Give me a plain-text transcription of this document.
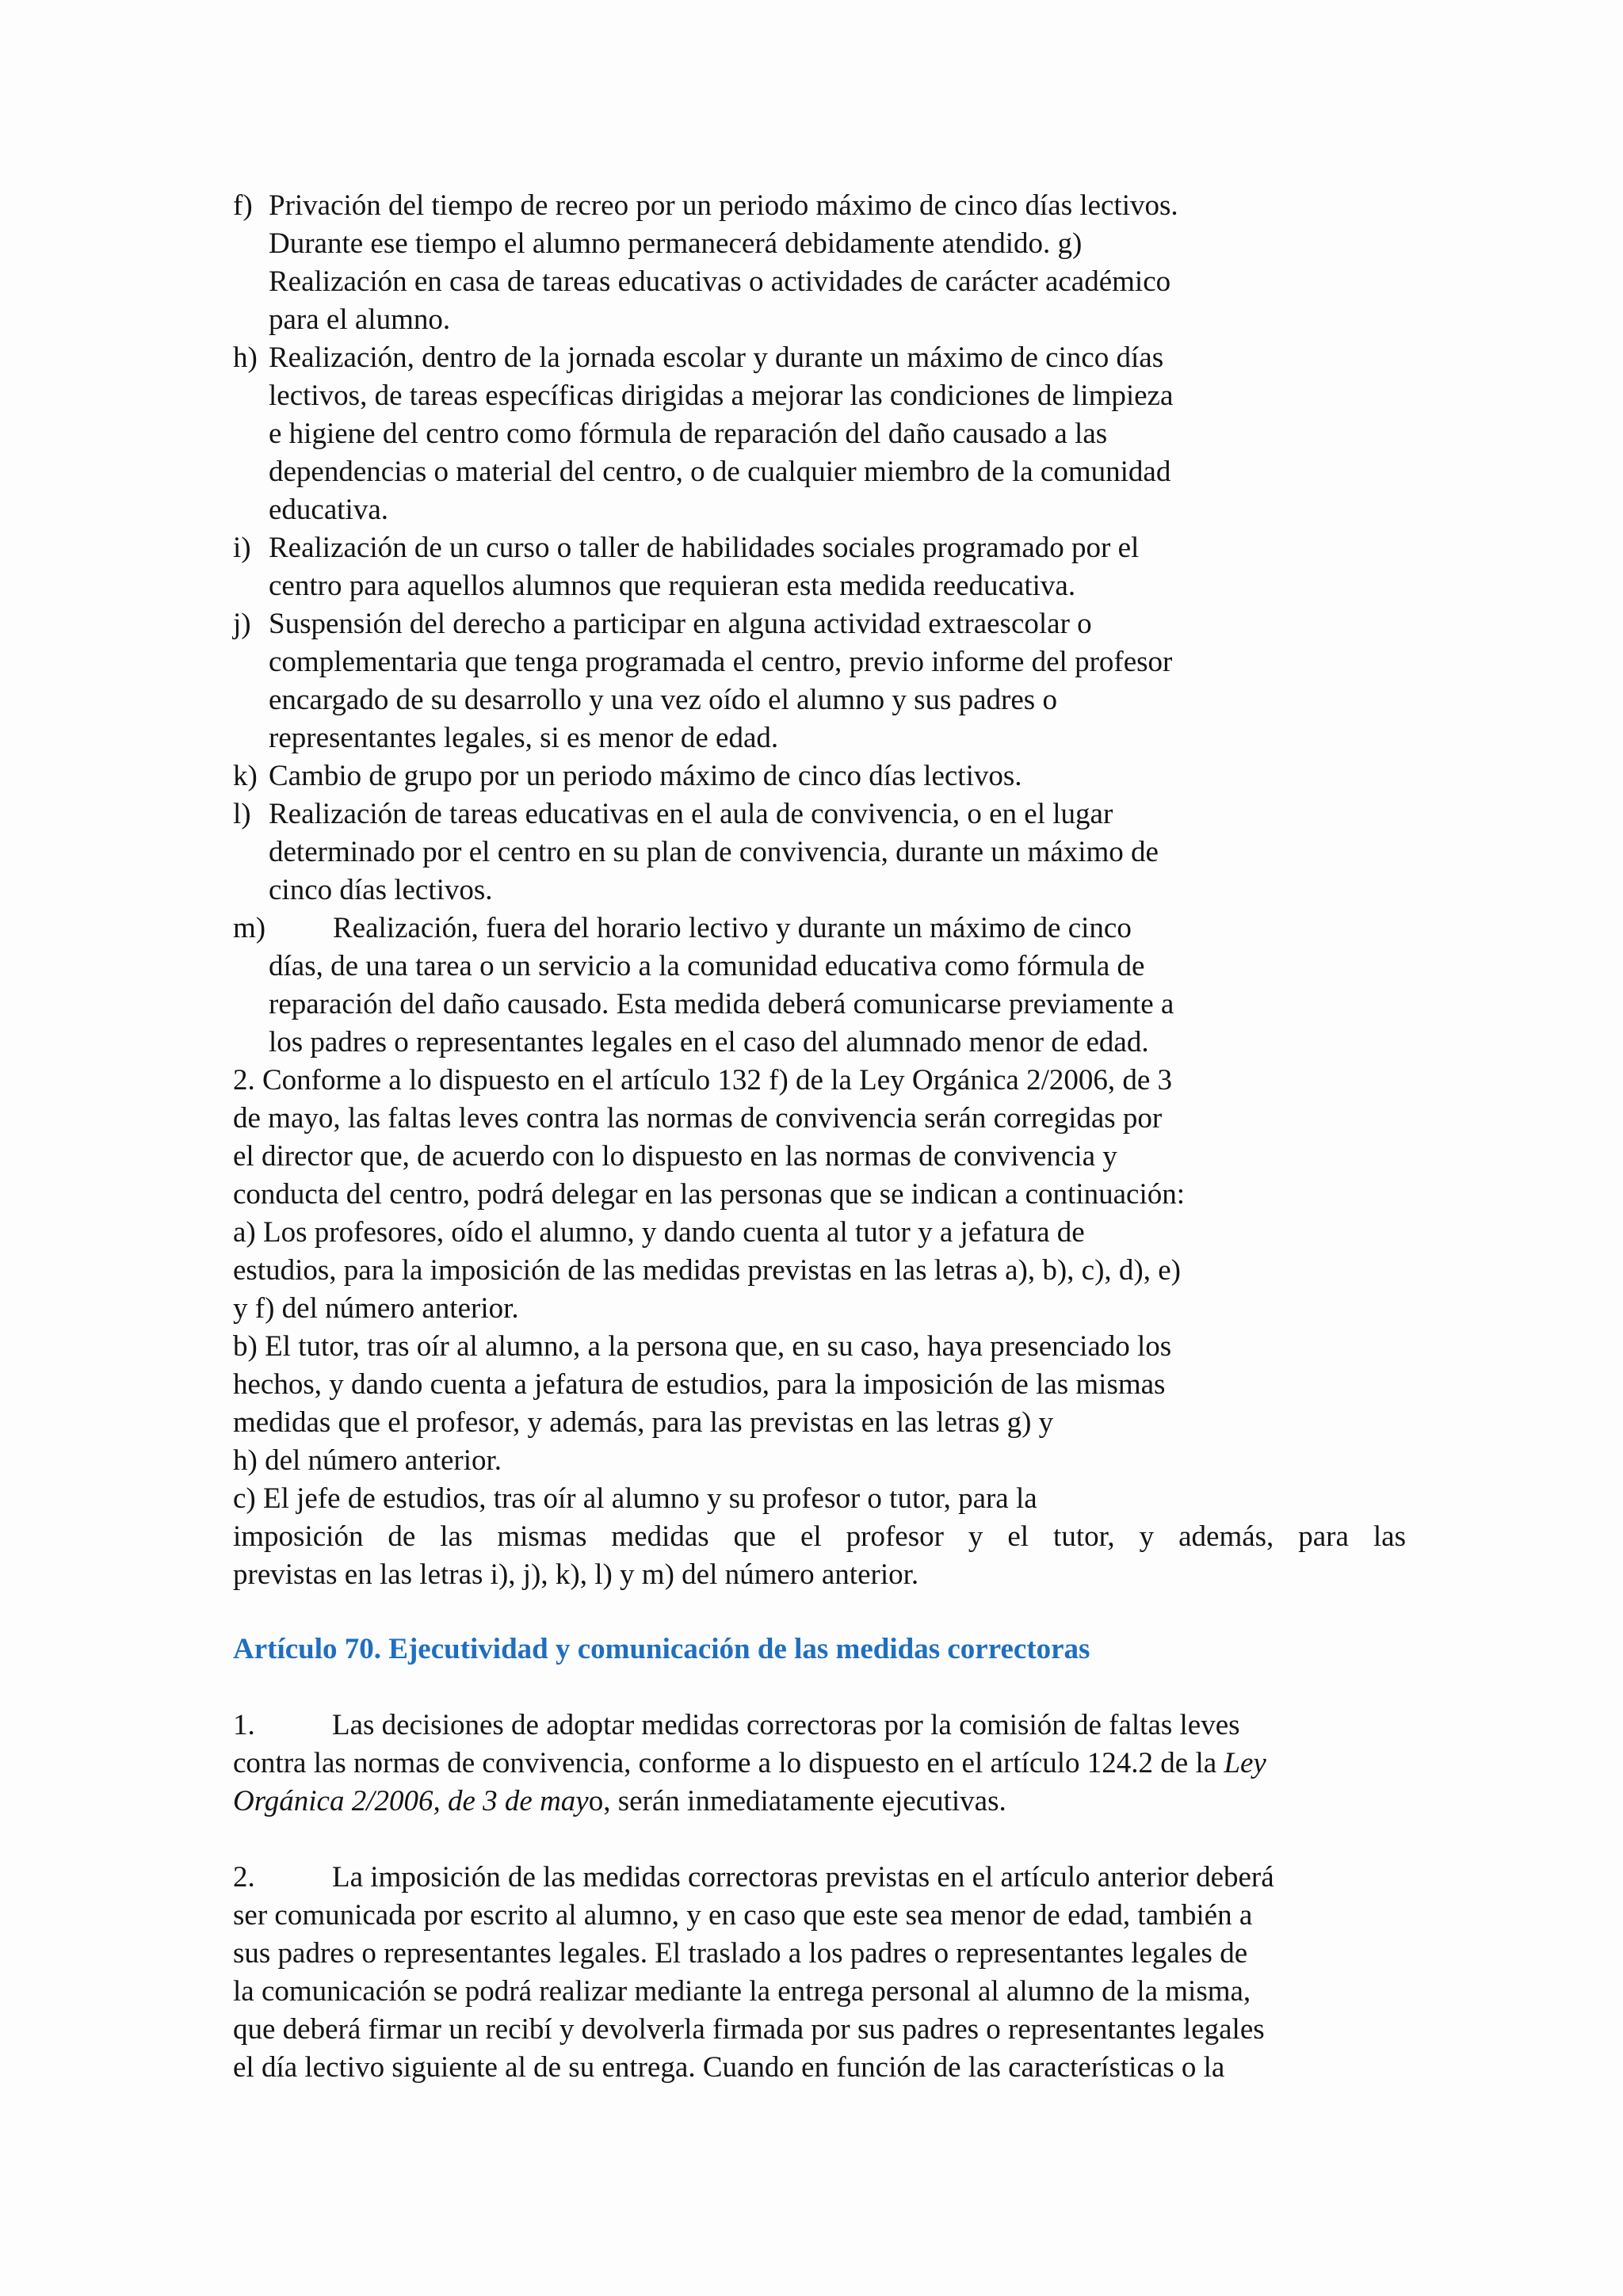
f) Privación del tiempo de recreo por un periodo máximo de cinco días lectivos.
Durante ese tiempo el alumno permanecerá debidamente atendido. g)
Realización en casa de tareas educativas o actividades de carácter académico
para el alumno.
h) Realización, dentro de la jornada escolar y durante un máximo de cinco días
lectivos, de tareas específicas dirigidas a mejorar las condiciones de limpieza
e higiene del centro como fórmula de reparación del daño causado a las
dependencias o material del centro, o de cualquier miembro de la comunidad
educativa.
i) Realización de un curso o taller de habilidades sociales programado por el
centro para aquellos alumnos que requieran esta medida reeducativa.
j) Suspensión del derecho a participar en alguna actividad extraescolar o
complementaria que tenga programada el centro, previo informe del profesor
encargado de su desarrollo y una vez oído el alumno y sus padres o
representantes legales, si es menor de edad.
k) Cambio de grupo por un periodo máximo de cinco días lectivos.
l) Realización de tareas educativas en el aula de convivencia, o en el lugar
determinado por el centro en su plan de convivencia, durante un máximo de
cinco días lectivos.
m)	Realización, fuera del horario lectivo y durante un máximo de cinco
días, de una tarea o un servicio a la comunidad educativa como fórmula de
reparación del daño causado. Esta medida deberá comunicarse previamente a
los padres o representantes legales en el caso del alumnado menor de edad.
2. Conforme a lo dispuesto en el artículo 132 f) de la Ley Orgánica 2/2006, de 3
de mayo, las faltas leves contra las normas de convivencia serán corregidas por
el director que, de acuerdo con lo dispuesto en las normas de convivencia y
conducta del centro, podrá delegar en las personas que se indican a continuación:
a) Los profesores, oído el alumno, y dando cuenta al tutor y a jefatura de
estudios, para la imposición de las medidas previstas en las letras a), b), c), d), e)
y f) del número anterior.
b) El tutor, tras oír al alumno, a la persona que, en su caso, haya presenciado los
hechos, y dando cuenta a jefatura de estudios, para la imposición de las mismas
medidas que el profesor, y además, para las previstas en las letras g) y
h) del número anterior.
c) El jefe de estudios, tras oír al alumno y su profesor o tutor, para la
imposición de las mismas medidas que el profesor y el tutor, y además, para las
previstas en las letras i), j), k), l) y m) del número anterior.
Artículo 70. Ejecutividad y comunicación de las medidas correctoras
1.	Las decisiones de adoptar medidas correctoras por la comisión de faltas leves
contra las normas de convivencia, conforme a lo dispuesto en el artículo 124.2 de la Ley
Orgánica 2/2006, de 3 de mayo, serán inmediatamente ejecutivas.
2.	La imposición de las medidas correctoras previstas en el artículo anterior deberá
ser comunicada por escrito al alumno, y en caso que este sea menor de edad, también a
sus padres o representantes legales. El traslado a los padres o representantes legales de
la comunicación se podrá realizar mediante la entrega personal al alumno de la misma,
que deberá firmar un recibí y devolverla firmada por sus padres o representantes legales
el día lectivo siguiente al de su entrega. Cuando en función de las características o la
